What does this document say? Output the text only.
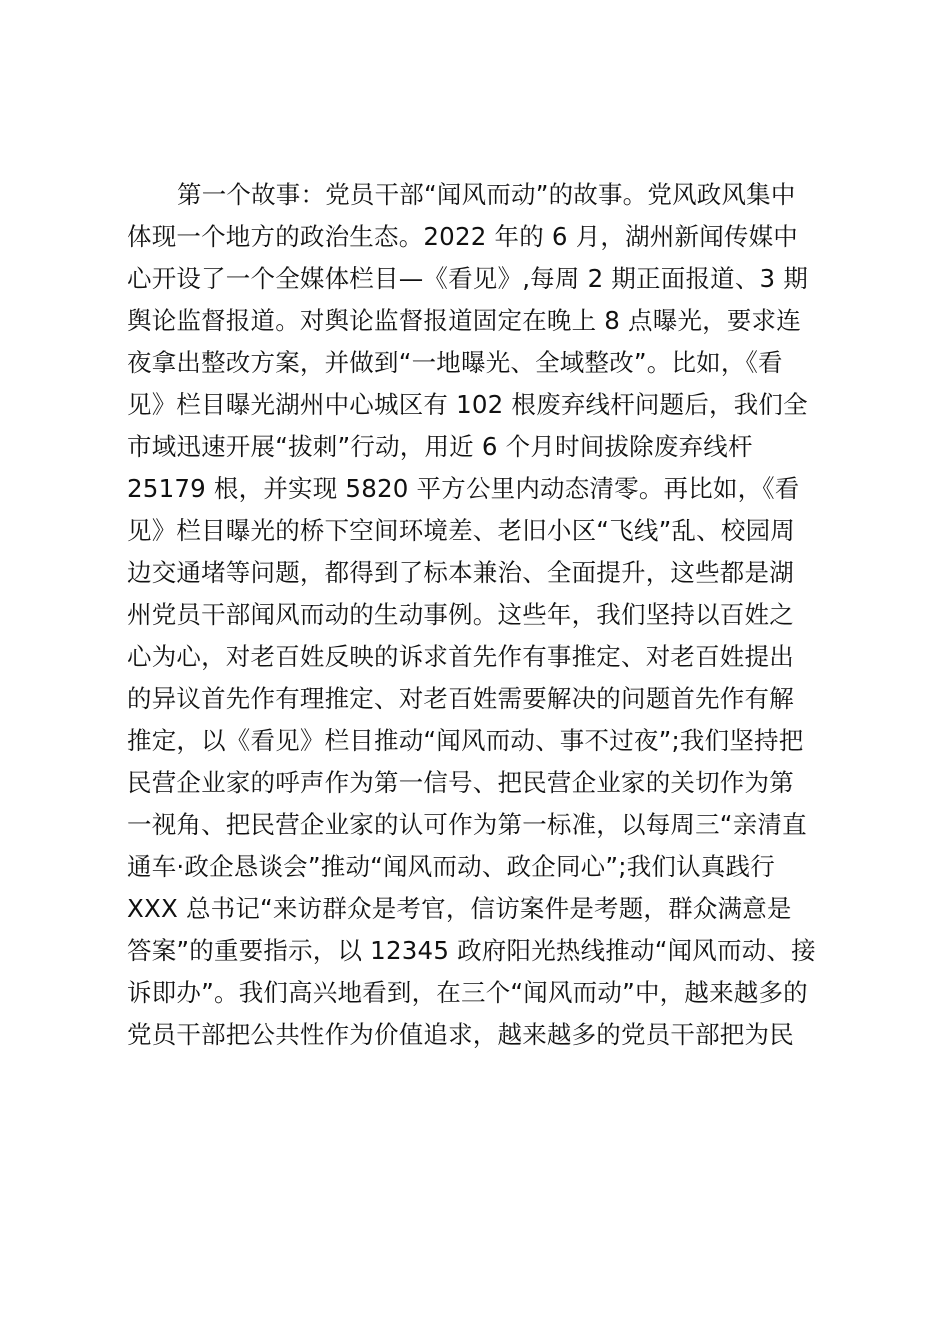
第一个故事：党员干部“闻风而动”的故事。党风政风集中
体现一个地方的政治生态。2022 年的 6 月，湖州新闻传媒中
心开设了一个全媒体栏目—《看见》,每周 2 期正面报道、3 期
舆论监督报道。对舆论监督报道固定在晚上 8 点曝光，要求连
夜拿出整改方案，并做到“一地曝光、全域整改”。比如，《看
见》栏目曝光湖州中心城区有 102 根废弃线杆问题后，我们全
市域迅速开展“拔刺”行动，用近 6 个月时间拔除废弃线杆
25179 根，并实现 5820 平方公里内动态清零。再比如，《看
见》栏目曝光的桥下空间环境差、老旧小区“飞线”乱、校园周
边交通堵等问题，都得到了标本兼治、全面提升，这些都是湖
州党员干部闻风而动的生动事例。这些年，我们坚持以百姓之
心为心，对老百姓反映的诉求首先作有事推定、对老百姓提出
的异议首先作有理推定、对老百姓需要解决的问题首先作有解
推定，以《看见》栏目推动“闻风而动、事不过夜”;我们坚持把
民营企业家的呼声作为第一信号、把民营企业家的关切作为第
一视角、把民营企业家的认可作为第一标准，以每周三“亲清直
通车·政企恳谈会”推动“闻风而动、政企同心”;我们认真践行
XXX 总书记“来访群众是考官，信访案件是考题，群众满意是
答案”的重要指示，以 12345 政府阳光热线推动“闻风而动、接
诉即办”。我们高兴地看到，在三个“闻风而动”中，越来越多的
党员干部把公共性作为价值追求，越来越多的党员干部把为民
